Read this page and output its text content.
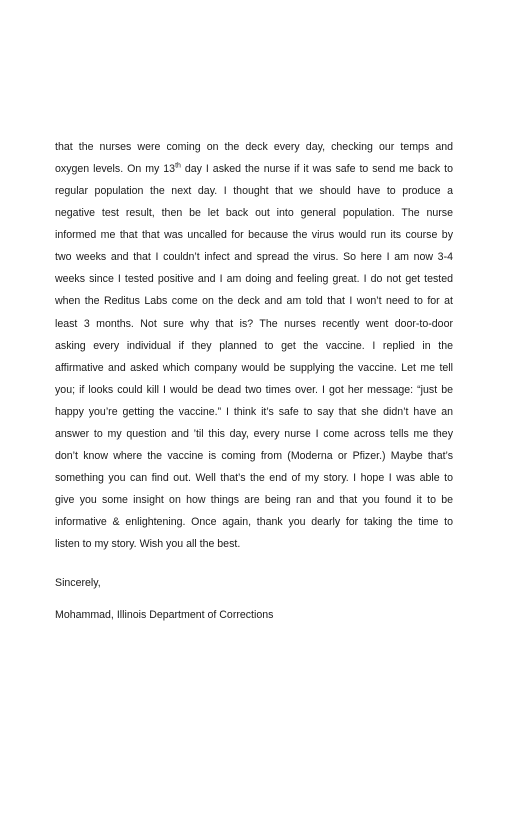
that the nurses were coming on the deck every day, checking our temps and
oxygen levels. On my 13th day I asked the nurse if it was safe to send me back to
regular population the next day. I thought that we should have to produce a
negative test result, then be let back out into general population. The nurse
informed me that that was uncalled for because the virus would run its course by
two weeks and that I couldn’t infect and spread the virus. So here I am now 3-4
weeks since I tested positive and I am doing and feeling great. I do not get tested
when the Reditus Labs come on the deck and am told that I won’t need to for at
least 3 months. Not sure why that is? The nurses recently went door-to-door
asking every individual if they planned to get the vaccine. I replied in the
affirmative and asked which company would be supplying the vaccine. Let me tell
you; if looks could kill I would be dead two times over. I got her message: “just be
happy you’re getting the vaccine.” I think it’s safe to say that she didn’t have an
answer to my question and ’til this day, every nurse I come across tells me they
don’t know where the vaccine is coming from (Moderna or Pfizer.) Maybe that’s
something you can find out. Well that’s the end of my story. I hope I was able to
give you some insight on how things are being ran and that you found it to be
informative & enlightening. Once again, thank you dearly for taking the time to
listen to my story. Wish you all the best.

Sincerely,

Mohammad, Illinois Department of Corrections
